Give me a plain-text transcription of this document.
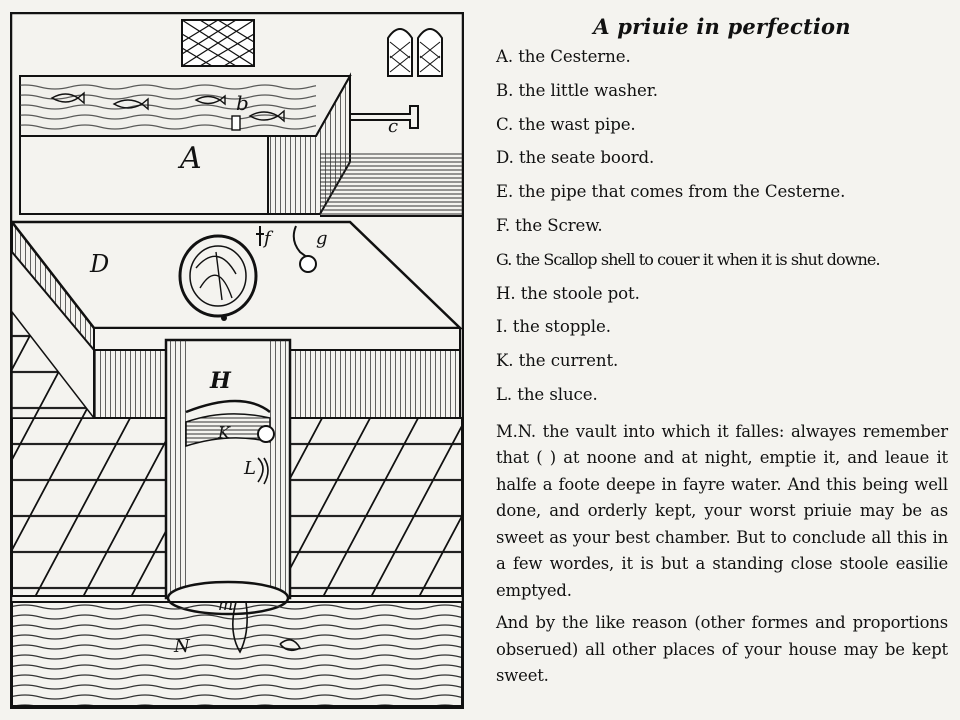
A
b
c
D
f	g
H
K
L
m
N
A priuie in perfection
A. the Cesterne.
B. the little washer.
C. the wast pipe.
D. the seate boord.
E. the pipe that comes from the Cesterne.
F. the Screw.
G. the Scallop shell to couer it when it is shut downe.
H. the stoole pot.
I. the stopple.
K. the current.
L. the sluce.

M.N. the vault into which it falles: alwayes remember that ( ) at noone and at night, emptie it, and leaue it halfe a foote deepe in fayre water. And this being well done, and orderly kept, your worst priuie may be as sweet as your best chamber. But to conclude all this in a few wordes, it is but a standing close stoole easilie emptyed.

And by the like reason (other formes and proportions obserued) all other places of your house may be kept sweet.
